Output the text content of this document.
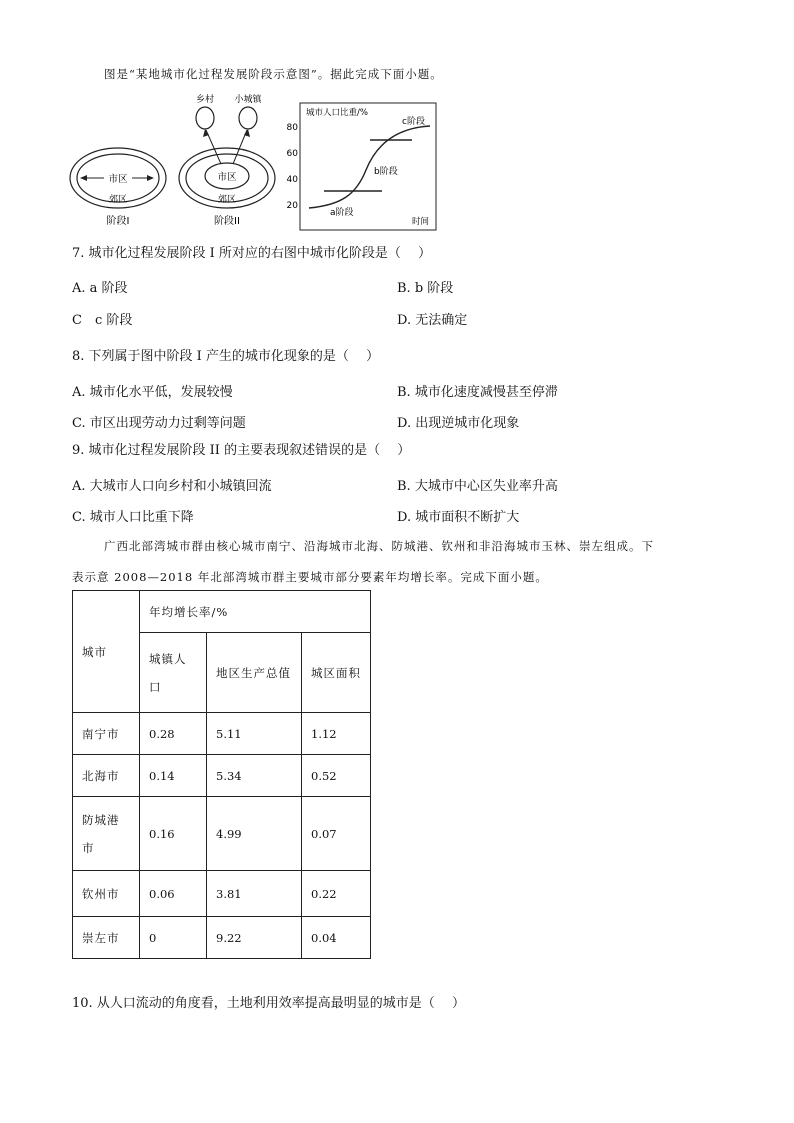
图是“某地城市化过程发展阶段示意图”。据此完成下面小题。
市区
郊区
阶段I
市区
郊区
阶段II
乡村 小城镇
城市人口比重/%
80
60
40
20
a阶段
b阶段
c阶段
时间
7. 城市化过程发展阶段 I 所对应的右图中城市化阶段是（　 ）
A. a 阶段	B. b 阶段
C　c 阶段	D. 无法确定
8. 下列属于图中阶段 I 产生的城市化现象的是（　 ）
A. 城市化水平低，发展较慢	B. 城市化速度减慢甚至停滞
C. 市区出现劳动力过剩等问题	D. 出现逆城市化现象
9. 城市化过程发展阶段 II 的主要表现叙述错误的是（　 ）
A. 大城市人口向乡村和小城镇回流	B. 大城市中心区失业率升高
C. 城市人口比重下降	D. 城市面积不断扩大
广西北部湾城市群由核心城市南宁、沿海城市北海、防城港、钦州和非沿海城市玉林、崇左组成。下
表示意 2008—2018 年北部湾城市群主要城市部分要素年均增长率。完成下面小题。
城市	年均增长率/%		
	城镇人口	地区生产总值	城区面积
南宁市	0.28	5.11	1.12
北海市	0.14	5.34	0.52
防城港市	0.16	4.99	0.07
钦州市	0.06	3.81	0.22
崇左市	0	9.22	0.04
10. 从人口流动的角度看，土地利用效率提高最明显的城市是（　 ）
